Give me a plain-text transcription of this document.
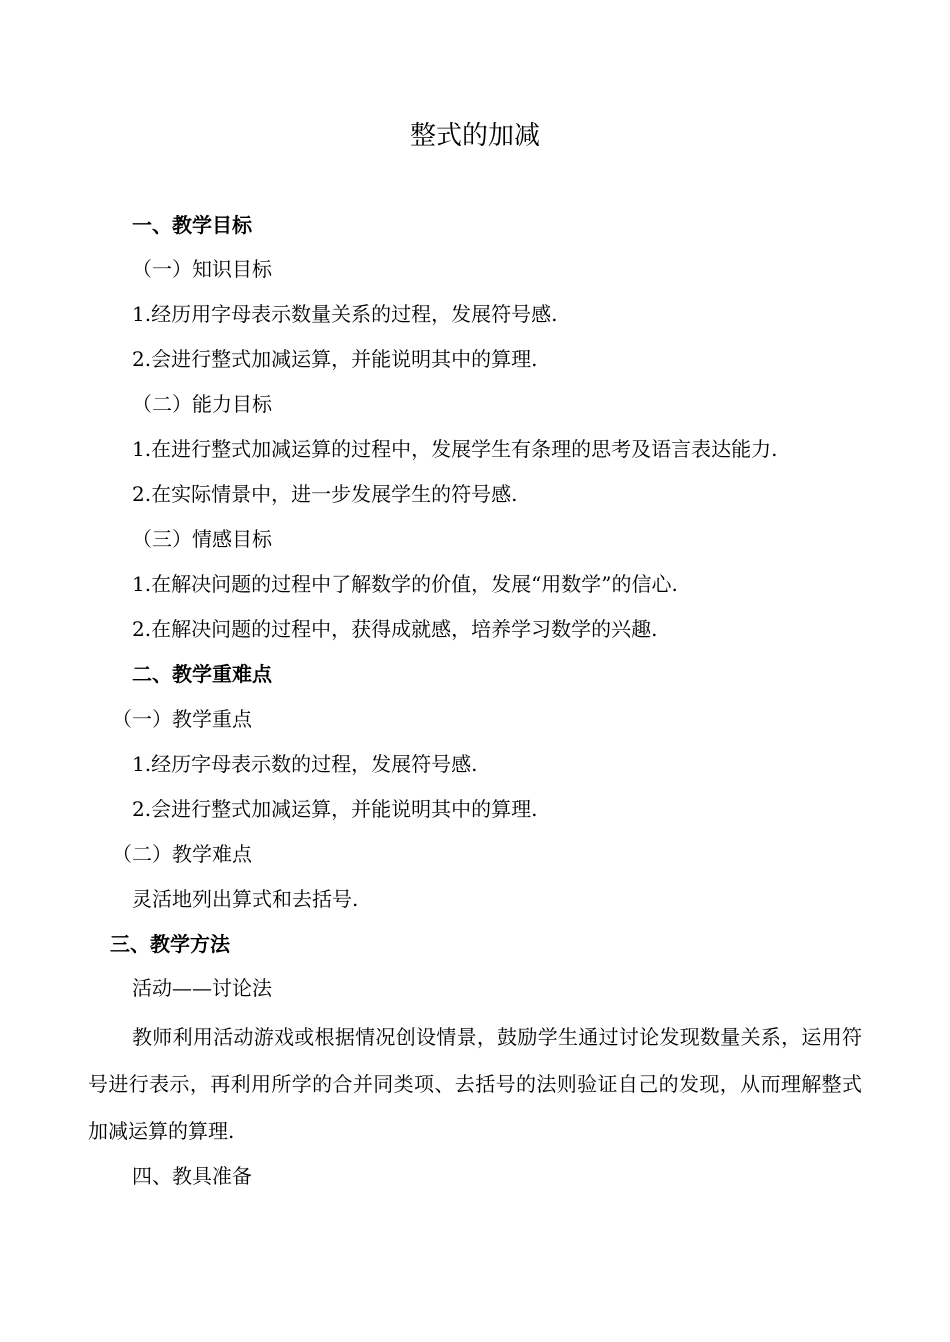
整式的加减
一、教学目标
（一）知识目标
1.经历用字母表示数量关系的过程，发展符号感.
2.会进行整式加减运算，并能说明其中的算理.
（二）能力目标
1.在进行整式加减运算的过程中，发展学生有条理的思考及语言表达能力.
2.在实际情景中，进一步发展学生的符号感.
（三）情感目标
1.在解决问题的过程中了解数学的价值，发展“用数学”的信心.
2.在解决问题的过程中，获得成就感，培养学习数学的兴趣.
二、教学重难点
（一）教学重点
1.经历字母表示数的过程，发展符号感.
2.会进行整式加减运算，并能说明其中的算理.
（二）教学难点
灵活地列出算式和去括号.
三、教学方法
活动——讨论法
教师利用活动游戏或根据情况创设情景，鼓励学生通过讨论发现数量关系，运用符号进行表示，再利用所学的合并同类项、去括号的法则验证自己的发现，从而理解整式加减运算的算理.
四、教具准备
